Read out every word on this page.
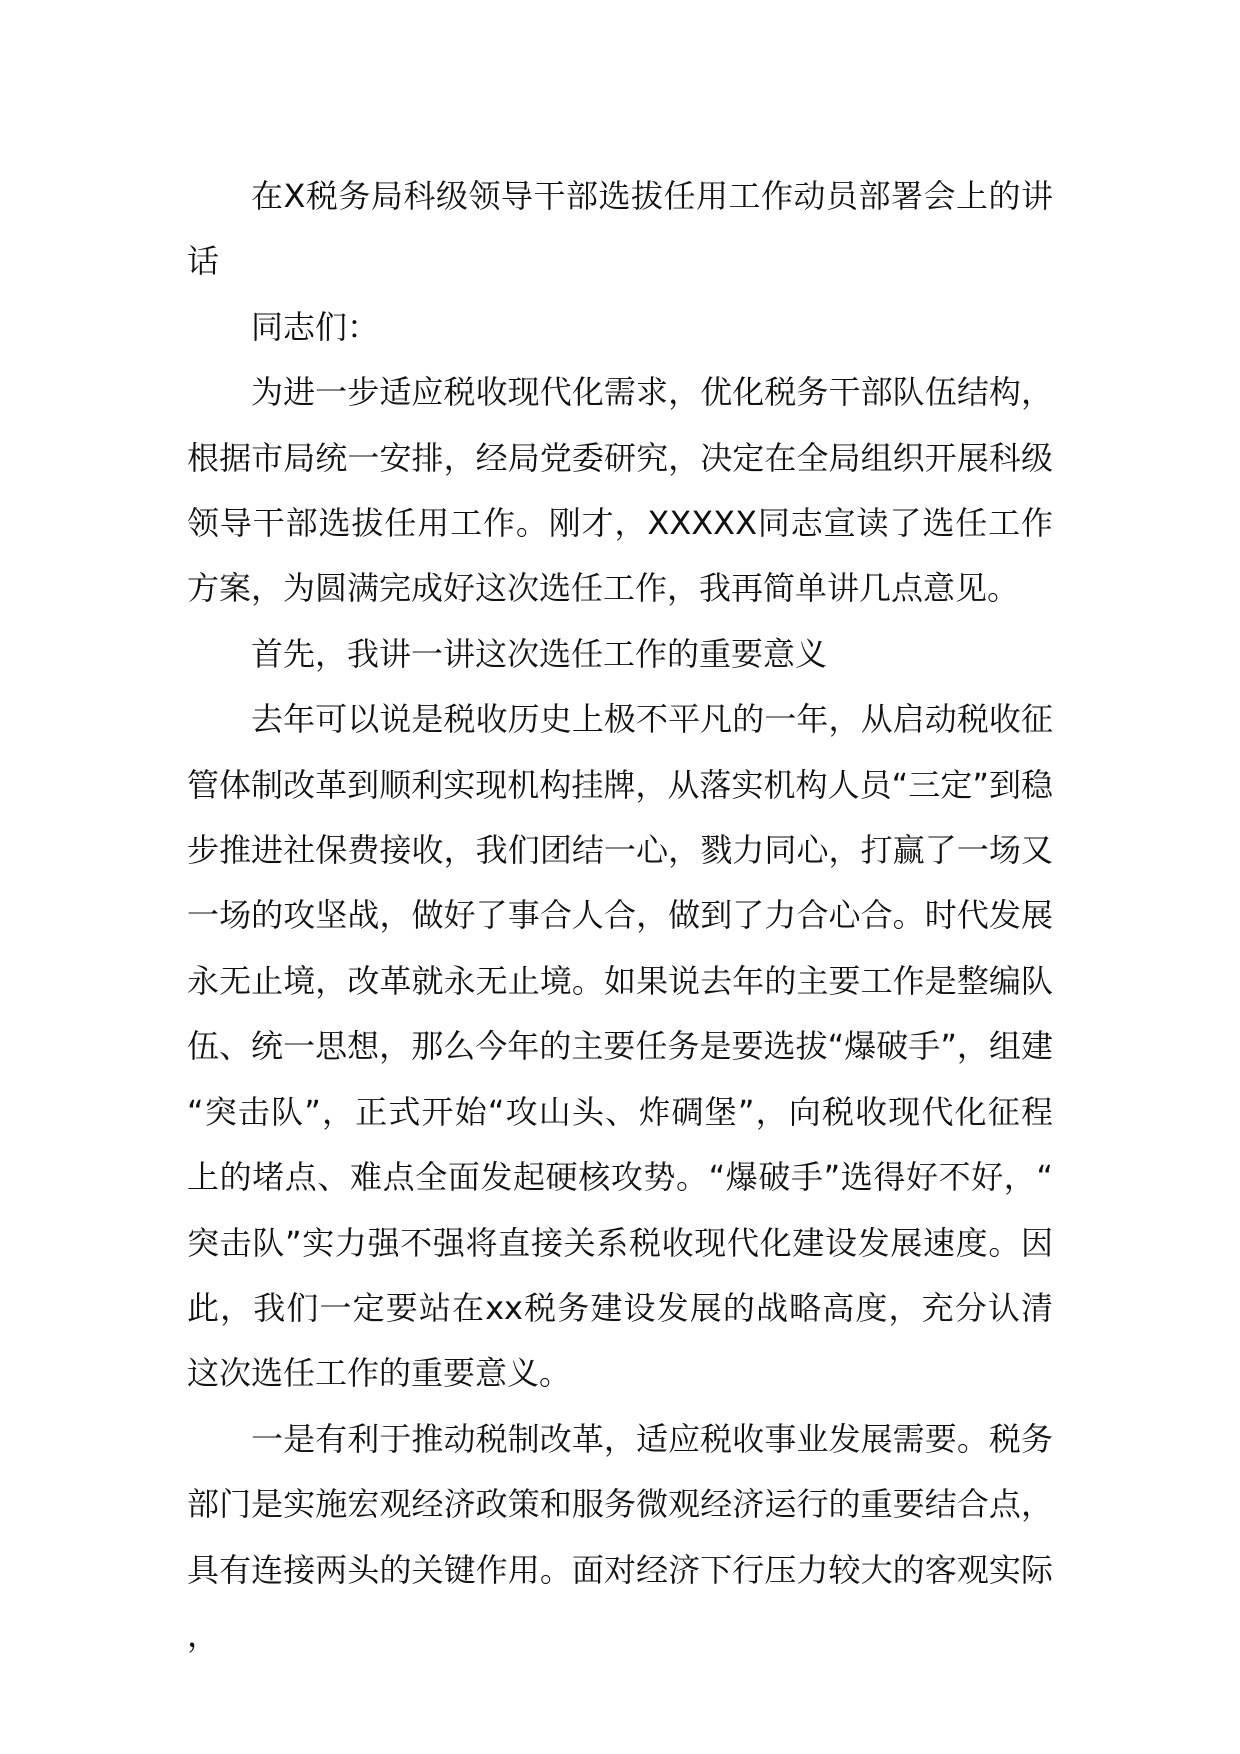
在X税务局科级领导干部选拔任用工作动员部署会上的讲话

同志们：

为进一步适应税收现代化需求，优化税务干部队伍结构，根据市局统一安排，经局党委研究，决定在全局组织开展科级领导干部选拔任用工作。刚才，XXXXX同志宣读了选任工作方案，为圆满完成好这次选任工作，我再简单讲几点意见。

首先，我讲一讲这次选任工作的重要意义

去年可以说是税收历史上极不平凡的一年，从启动税收征管体制改革到顺利实现机构挂牌，从落实机构人员“三定”到稳步推进社保费接收，我们团结一心，戮力同心，打赢了一场又一场的攻坚战，做好了事合人合，做到了力合心合。时代发展永无止境，改革就永无止境。如果说去年的主要工作是整编队伍、统一思想，那么今年的主要任务是要选拔“爆破手”，组建“突击队”，正式开始“攻山头、炸碉堡”，向税收现代化征程上的堵点、难点全面发起硬核攻势。“爆破手”选得好不好，“突击队”实力强不强将直接关系税收现代化建设发展速度。因此，我们一定要站在xx税务建设发展的战略高度，充分认清这次选任工作的重要意义。

一是有利于推动税制改革，适应税收事业发展需要。税务部门是实施宏观经济政策和服务微观经济运行的重要结合点，具有连接两头的关键作用。面对经济下行压力较大的客观实际，
